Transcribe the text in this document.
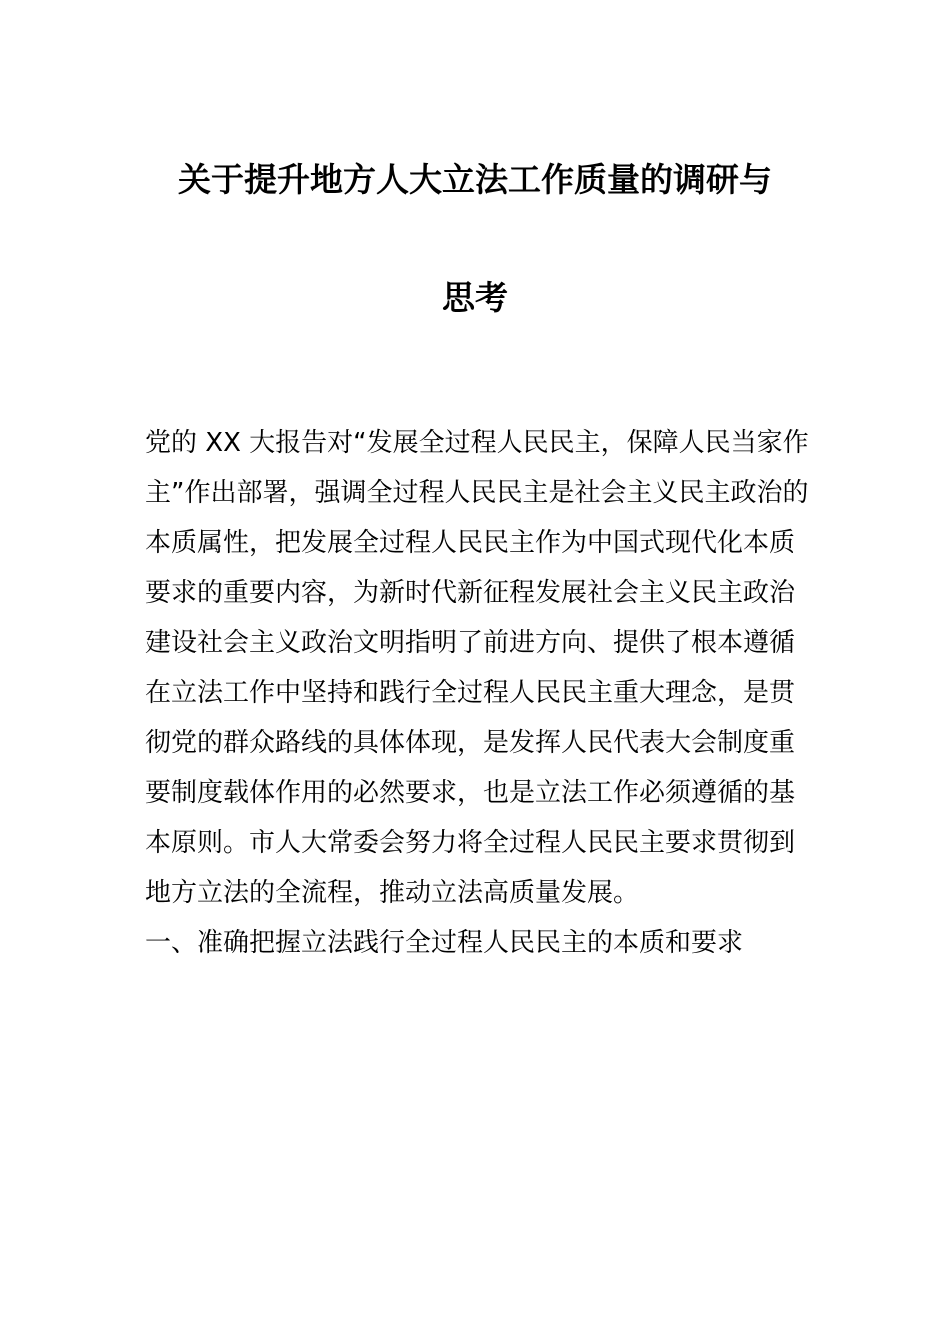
关于提升地方人大立法工作质量的调研与
思考
党的 XX 大报告对“发展全过程人民民主，保障人民当家作
主”作出部署，强调全过程人民民主是社会主义民主政治的
本质属性，把发展全过程人民民主作为中国式现代化本质
要求的重要内容，为新时代新征程发展社会主义民主政治
建设社会主义政治文明指明了前进方向、提供了根本遵循
在立法工作中坚持和践行全过程人民民主重大理念，是贯
彻党的群众路线的具体体现，是发挥人民代表大会制度重
要制度载体作用的必然要求，也是立法工作必须遵循的基
本原则。市人大常委会努力将全过程人民民主要求贯彻到
地方立法的全流程，推动立法高质量发展。
一、准确把握立法践行全过程人民民主的本质和要求
